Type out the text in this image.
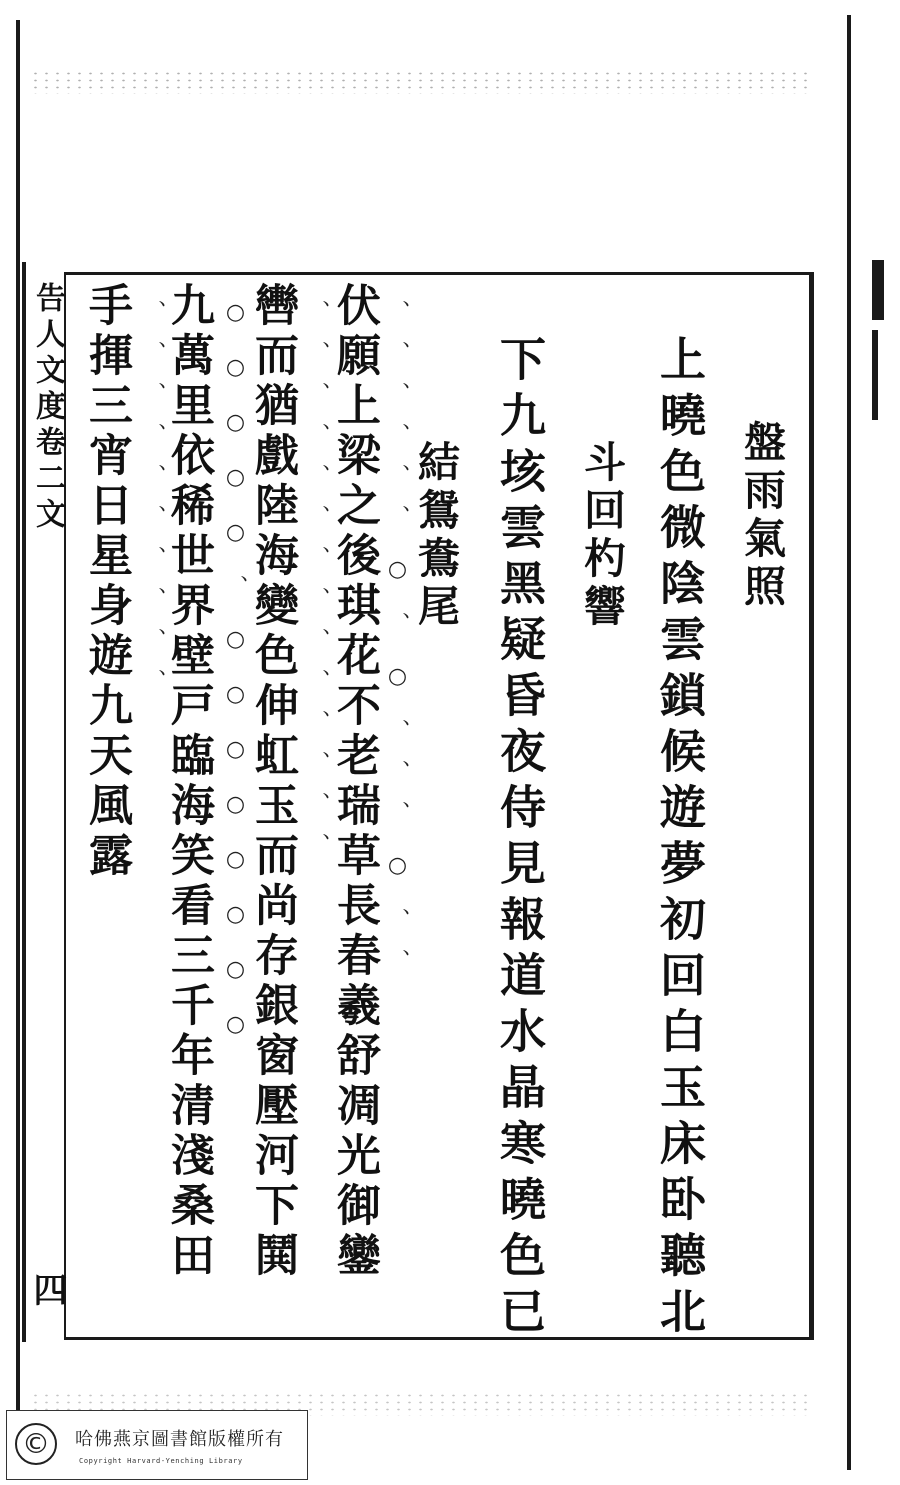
告人文度卷二文
四
盤雨氣照
上曉色微陰雲鎖候遊夢初回白玉床卧聽北
斗回杓響
下九垓雲黑疑昏夜侍見報道水晶寒曉色已
結鴛鴦尾
伏願上梁之後琪花不老瑞草長春羲舒凋光御鑾
轡而猶戲陸海變色伸虹玉而尚存銀窗壓河下鬨
九萬里依稀世界壁戸臨海笑看三千年清淺桑田
手揮三宵日星身遊九天風露	、、、、、、○、○、、、○、、
、、、、、、、、、、、、、、
○○○○○、○○○○○○○○
、、、、、、、、、、
©	哈佛燕京圖書館版權所有
Copyright Harvard-Yenching Library
